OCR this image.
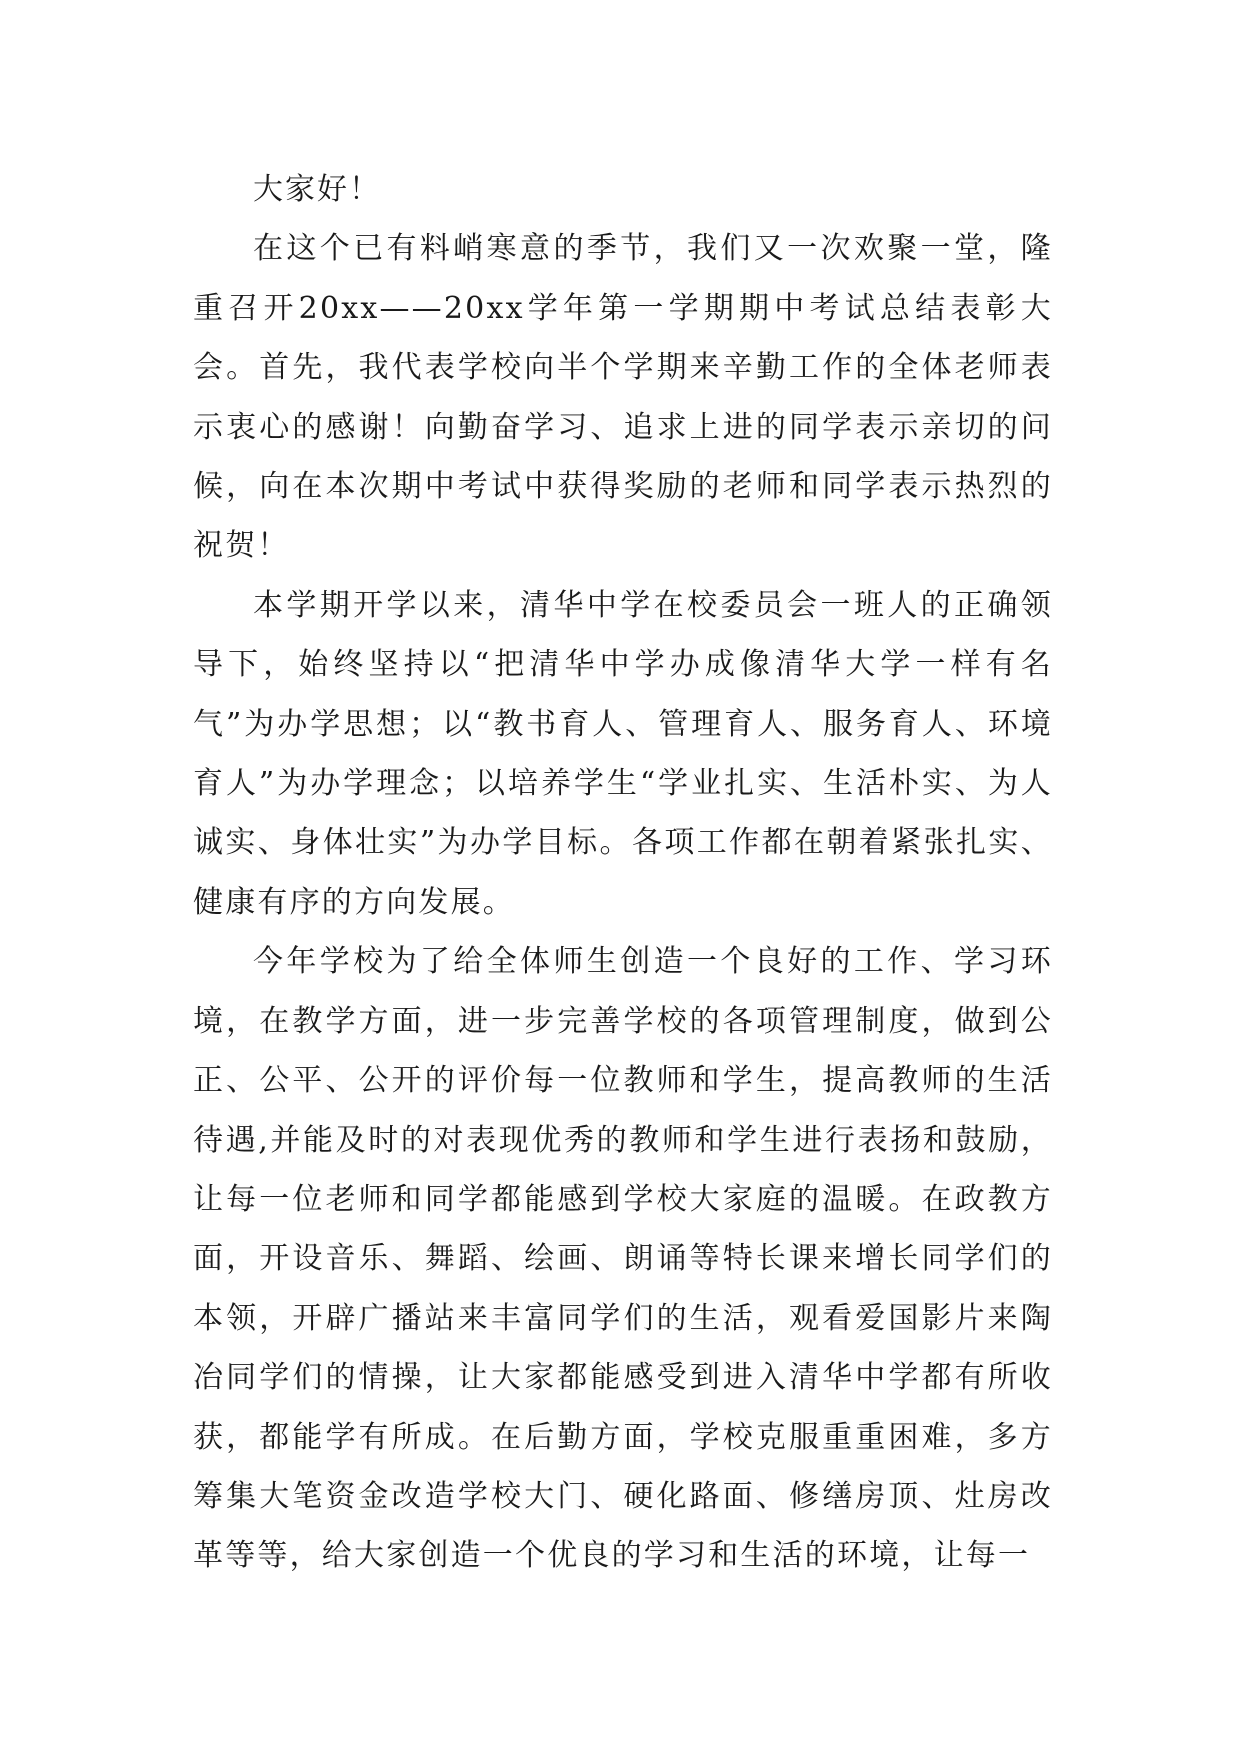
大家好！

在这个已有料峭寒意的季节，我们又一次欢聚一堂，隆重召开20xx——20xx学年第一学期期中考试总结表彰大会。首先，我代表学校向半个学期来辛勤工作的全体老师表示衷心的感谢！向勤奋学习、追求上进的同学表示亲切的问候，向在本次期中考试中获得奖励的老师和同学表示热烈的祝贺！

本学期开学以来，清华中学在校委员会一班人的正确领导下，始终坚持以“把清华中学办成像清华大学一样有名气”为办学思想；以“教书育人、管理育人、服务育人、环境育人”为办学理念；以培养学生“学业扎实、生活朴实、为人诚实、身体壮实”为办学目标。各项工作都在朝着紧张扎实、健康有序的方向发展。

今年学校为了给全体师生创造一个良好的工作、学习环境，在教学方面，进一步完善学校的各项管理制度，做到公正、公平、公开的评价每一位教师和学生，提高教师的生活待遇,并能及时的对表现优秀的教师和学生进行表扬和鼓励，让每一位老师和同学都能感到学校大家庭的温暖。在政教方面，开设音乐、舞蹈、绘画、朗诵等特长课来增长同学们的本领，开辟广播站来丰富同学们的生活，观看爱国影片来陶冶同学们的情操，让大家都能感受到进入清华中学都有所收获，都能学有所成。在后勤方面，学校克服重重困难，多方筹集大笔资金改造学校大门、硬化路面、修缮房顶、灶房改革等等，给大家创造一个优良的学习和生活的环境，让每一
